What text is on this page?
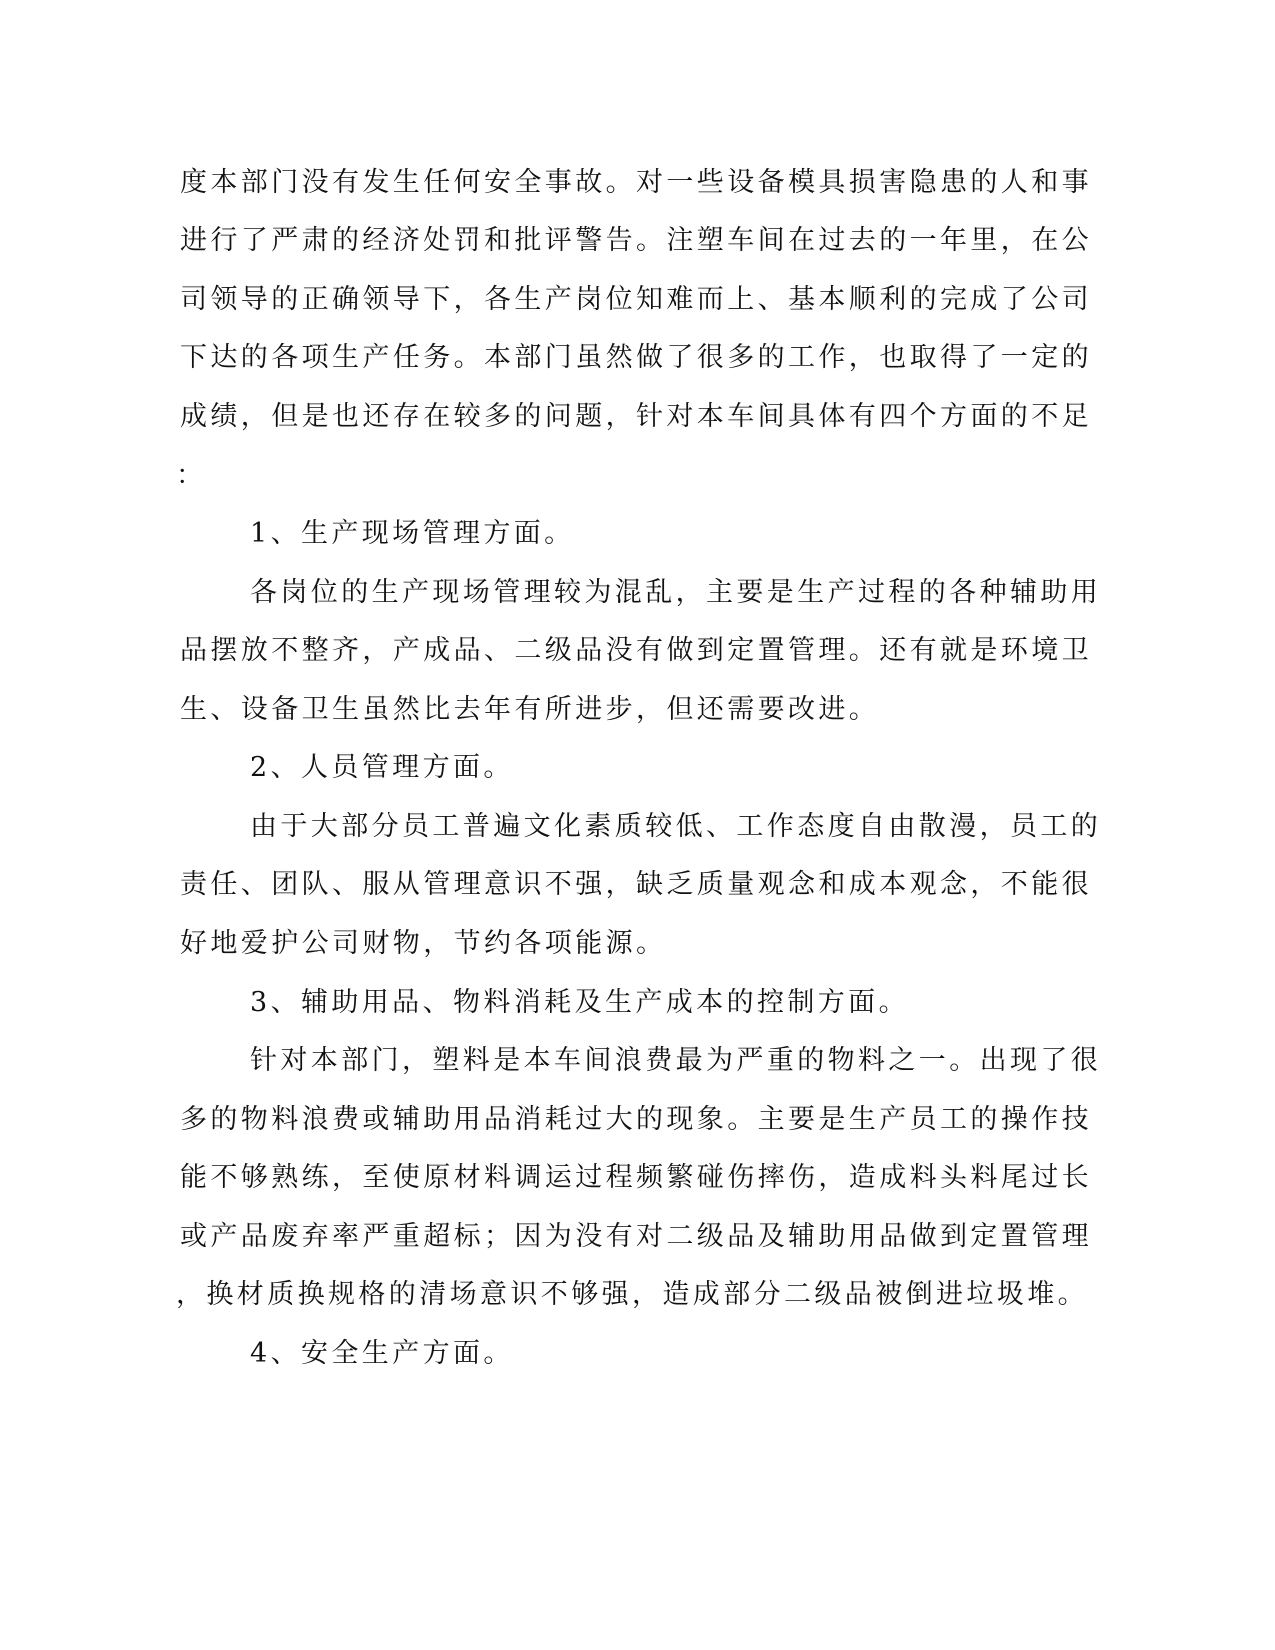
度本部门没有发生任何安全事故。对一些设备模具损害隐患的人和事
进行了严肃的经济处罚和批评警告。注塑车间在过去的一年里，在公
司领导的正确领导下，各生产岗位知难而上、基本顺利的完成了公司
下达的各项生产任务。本部门虽然做了很多的工作，也取得了一定的
成绩，但是也还存在较多的问题，针对本车间具体有四个方面的不足
：
1、生产现场管理方面。
各岗位的生产现场管理较为混乱，主要是生产过程的各种辅助用
品摆放不整齐，产成品、二级品没有做到定置管理。还有就是环境卫
生、设备卫生虽然比去年有所进步，但还需要改进。
2、人员管理方面。
由于大部分员工普遍文化素质较低、工作态度自由散漫，员工的
责任、团队、服从管理意识不强，缺乏质量观念和成本观念，不能很
好地爱护公司财物，节约各项能源。
3、辅助用品、物料消耗及生产成本的控制方面。
针对本部门，塑料是本车间浪费最为严重的物料之一。出现了很
多的物料浪费或辅助用品消耗过大的现象。主要是生产员工的操作技
能不够熟练，至使原材料调运过程频繁碰伤摔伤，造成料头料尾过长
或产品废弃率严重超标；因为没有对二级品及辅助用品做到定置管理
，换材质换规格的清场意识不够强，造成部分二级品被倒进垃圾堆。
4、安全生产方面。
